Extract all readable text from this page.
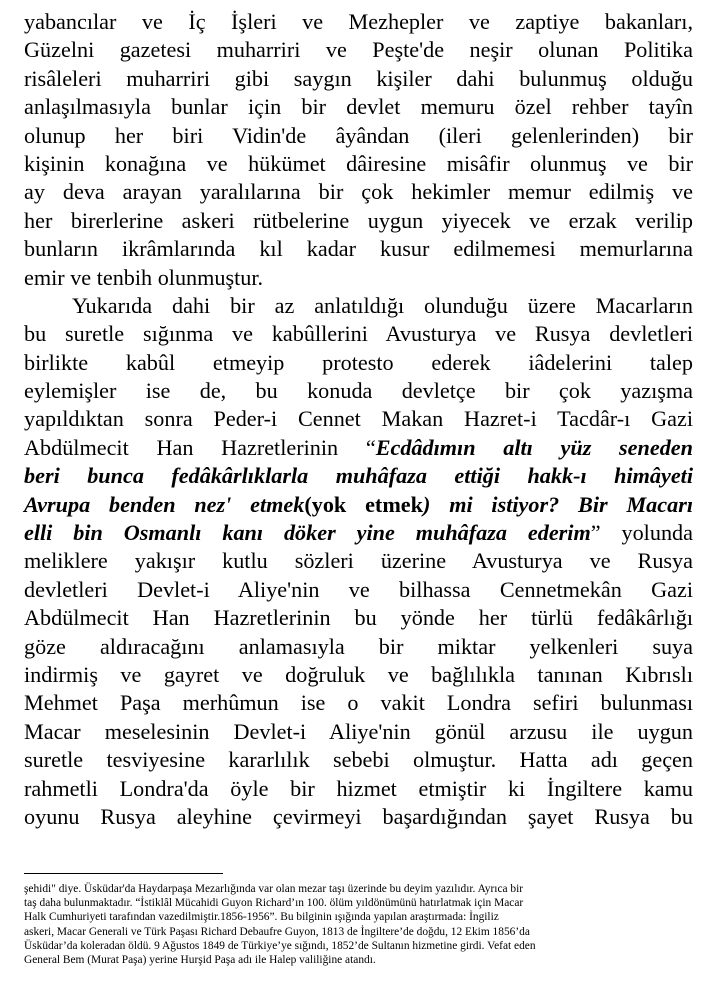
yabancılar ve İç İşleri ve Mezhepler ve zaptiye bakanları,
Güzelni gazetesi muharriri ve Peşte'de neşir olunan Politika
risâleleri muharriri gibi saygın kişiler dahi bulunmuş olduğu
anlaşılmasıyla bunlar için bir devlet memuru özel rehber tayîn
olunup her biri Vidin'de âyândan (ileri gelenlerinden) bir
kişinin konağına ve hükümet dâiresine misâfir olunmuş ve bir
ay deva arayan yaralılarına bir çok hekimler memur edilmiş ve
her birerlerine askeri rütbelerine uygun yiyecek ve erzak verilip
bunların ikrâmlarında kıl kadar kusur edilmemesi memurlarına
emir ve tenbih olunmuştur.
Yukarıda dahi bir az anlatıldığı olunduğu üzere Macarların
bu suretle sığınma ve kabûllerini Avusturya ve Rusya devletleri
birlikte kabûl etmeyip protesto ederek iâdelerini talep
eylemişler ise de, bu konuda devletçe bir çok yazışma
yapıldıktan sonra Peder-i Cennet Makan Hazret-i Tacdâr-ı Gazi
Abdülmecit Han Hazretlerinin “Ecdâdımın altı yüz seneden
beri bunca fedâkârlıklarla muhâfaza ettiği hakk-ı himâyeti
Avrupa benden nez' etmek(yok etmek) mi istiyor? Bir Macarı
elli bin Osmanlı kanı döker yine muhâfaza ederim” yolunda
meliklere yakışır kutlu sözleri üzerine Avusturya ve Rusya
devletleri Devlet-i Aliye'nin ve bilhassa Cennetmekân Gazi
Abdülmecit Han Hazretlerinin bu yönde her türlü fedâkârlığı
göze aldıracağını anlamasıyla bir miktar yelkenleri suya
indirmiş ve gayret ve doğruluk ve bağlılıkla tanınan Kıbrıslı
Mehmet Paşa merhûmun ise o vakit Londra sefiri bulunması
Macar meselesinin Devlet-i Aliye'nin gönül arzusu ile uygun
suretle tesviyesine kararlılık sebebi olmuştur. Hatta adı geçen
rahmetli Londra'da öyle bir hizmet etmiştir ki İngiltere kamu
oyunu Rusya aleyhine çevirmeyi başardığından şayet Rusya bu
şehidi" diye. Üsküdar'da Haydarpaşa Mezarlığında var olan mezar taşı üzerinde bu deyim yazılıdır. Ayrıca bir
taş daha bulunmaktadır. “İstiklâl Mücahidi Guyon Richard’ın 100. ölüm yıldönümünü hatırlatmak için Macar
Halk Cumhuriyeti tarafından vazedilmiştir.1856-1956”. Bu bilginin ışığında yapılan araştırmada: İngiliz
askeri, Macar Generali ve Türk Paşası Richard Debaufre Guyon, 1813 de İngiltere’de doğdu, 12 Ekim 1856’da
Üsküdar’da koleradan öldü. 9 Ağustos 1849 de Türkiye’ye sığındı, 1852’de Sultanın hizmetine girdi. Vefat eden
General Bem (Murat Paşa) yerine Hurşid Paşa adı ile Halep valiliğine atandı.
